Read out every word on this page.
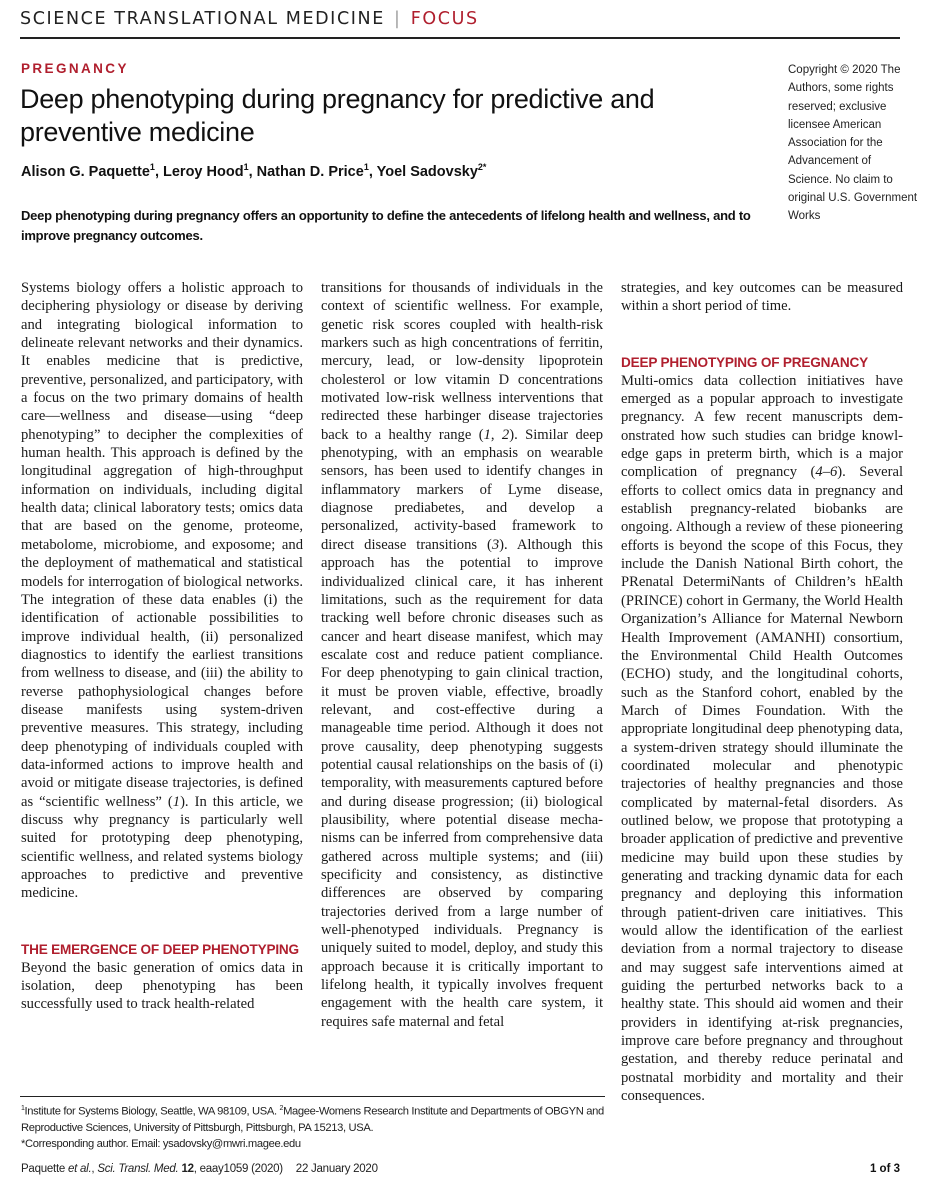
SCIENCE TRANSLATIONAL MEDICINE | FOCUS
PREGNANCY
Deep phenotyping during pregnancy for predictive and preventive medicine
Alison G. Paquette$^1$, Leroy Hood$^1$, Nathan D. Price$^1$, Yoel Sadovsky$^{2*}$
Copyright © 2020 The Authors, some rights reserved; exclusive licensee American Association for the Advancement of Science. No claim to original U.S. Government Works
Deep phenotyping during pregnancy offers an opportunity to define the antecedents of lifelong health and wellness, and to improve pregnancy outcomes.

Systems biology offers a holistic approach to deciphering physiology or disease by deriving and integrating biological information to delineate relevant networks and their dynamics. It enables medicine that is predictive, preventive, personalized, and participatory, with a focus on the two primary domains of health care—wellness and disease—using “deep phenotyping” to decipher the complexities of human health. This approach is defined by the longitudinal aggregation of high-throughput information on individuals, including digital health data; clinical laboratory tests; omics data that are based on the genome, proteome, metabolome, microbiome, and exposome; and the deployment of mathematical and statistical models for interrogation of biological networks. The integration of these data enables (i) the identification of actionable possibilities to improve individual health, (ii) personalized diagnostics to identify the earliest transitions from wellness to disease, and (iii) the ability to reverse pathophysiological changes before disease manifests using system-driven preventive measures. This strategy, including deep phenotyping of individuals coupled with data-informed actions to improve health and avoid or mitigate disease trajectories, is defined as “scientific wellness” (1). In this article, we discuss why pregnancy is particularly well suited for prototyping deep phenotyping, scientific wellness, and related systems biology approaches to predictive and preventive medicine.

THE EMERGENCE OF DEEP PHENOTYPING

Beyond the basic generation of omics data in isolation, deep phenotyping has been successfully used to track health-related

transitions for thousands of individuals in the context of scientific wellness. For example, genetic risk scores coupled with health-risk markers such as high concentrations of ferritin, mercury, lead, or low-density lipoprotein cholesterol or low vitamin D concentrations motivated low-risk wellness interventions that redirected these harbinger disease trajectories back to a healthy range (1, 2). Similar deep phenotyping, with an emphasis on wearable sensors, has been used to identify changes in inflammatory markers of Lyme disease, diagnose prediabetes, and develop a personalized, activity-based framework to direct disease transitions (3). Although this approach has the potential to improve individualized clinical care, it has inherent limitations, such as the requirement for data tracking well before chronic diseases such as cancer and heart disease manifest, which may escalate cost and reduce patient compliance. For deep phenotyping to gain clinical traction, it must be proven viable, effective, broadly relevant, and cost-effective during a manageable time period. Although it does not prove causality, deep phenotyping suggests potential causal relationships on the basis of (i) temporality, with measurements captured before and during disease progression; (ii) biological plausibility, where potential disease mechanisms can be inferred from comprehensive data gathered across multiple systems; and (iii) specificity and consistency, as distinctive differences are observed by comparing trajectories derived from a large number of well-phenotyped individuals. Pregnancy is uniquely suited to model, deploy, and study this approach because it is critically important to lifelong health, it typically involves frequent engagement with the health care system, it requires safe maternal and fetal

strategies, and key outcomes can be measured within a short period of time.

DEEP PHENOTYPING OF PREGNANCY

Multi-omics data collection initiatives have emerged as a popular approach to investigate pregnancy. A few recent manuscripts demonstrated how such studies can bridge knowledge gaps in preterm birth, which is a major complication of pregnancy (4–6). Several efforts to collect omics data in pregnancy and establish pregnancy-related biobanks are ongoing. Although a review of these pioneering efforts is beyond the scope of this Focus, they include the Danish National Birth cohort, the PRenatal DetermiNants of Children’s hEalth (PRINCE) cohort in Germany, the World Health Organization’s Alliance for Maternal Newborn Health Improvement (AMANHI) consortium, the Environmental Child Health Outcomes (ECHO) study, and the longitudinal cohorts, such as the Stanford cohort, enabled by the March of Dimes Foundation. With the appropriate longitudinal deep phenotyping data, a system-driven strategy should illuminate the coordinated molecular and phenotypic trajectories of healthy pregnancies and those complicated by maternal-fetal disorders. As outlined below, we propose that prototyping a broader application of predictive and preventive medicine may build upon these studies by generating and tracking dynamic data for each pregnancy and deploying this information through patient-driven care initiatives. This would allow the identification of the earliest deviation from a normal trajectory to disease and may suggest safe interventions aimed at guiding the perturbed networks back to a healthy state. This should aid women and their providers in identifying at-risk pregnancies, improve care before pregnancy and throughout gestation, and thereby reduce perinatal and postnatal morbidity and mortality and their consequences.

$^1$Institute for Systems Biology, Seattle, WA 98109, USA. $^2$Magee-Womens Research Institute and Departments of OBGYN and Reproductive Sciences, University of Pittsburgh, Pittsburgh, PA 15213, USA.
*Corresponding author. Email: ysadovsky@mwri.magee.edu
Paquette et al., Sci. Transl. Med. 12, eaay1059 (2020) 22 January 2020	1 of 3
